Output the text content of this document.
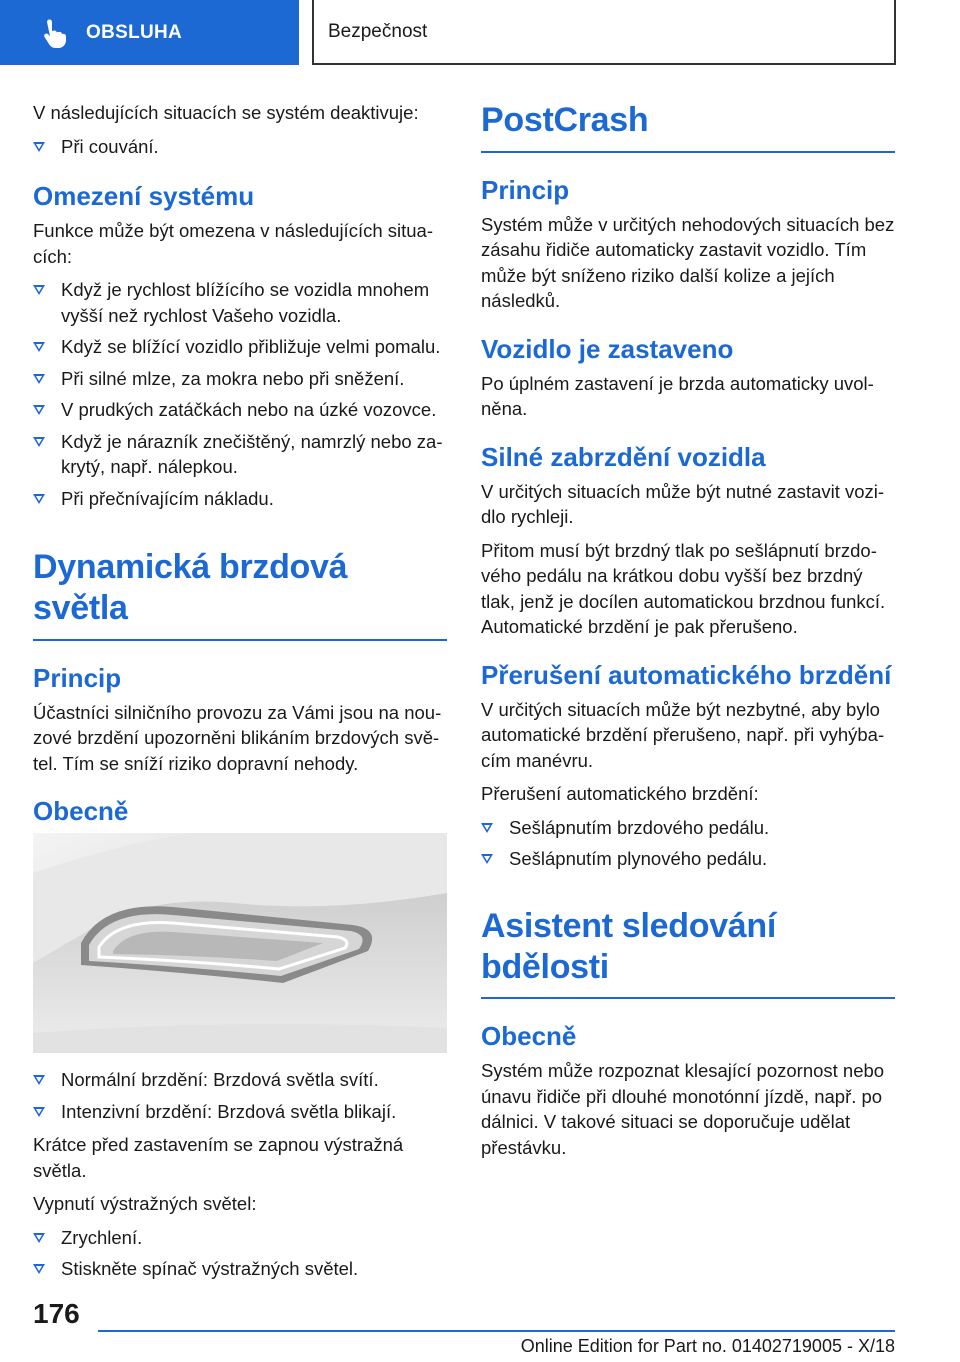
OBSLUHA	Bezpečnost

V následujících situacích se systém deaktivuje:

Při couvání.
Omezení systému

Funkce může být omezena v následujících situacích:

Když je rychlost blížícího se vozidla mnohem vyšší než rychlost Vašeho vozidla.
Když se blížící vozidlo přibližuje velmi pomalu.
Při silné mlze, za mokra nebo při sněžení.
V prudkých zatáčkách nebo na úzké vozovce.
Když je nárazník znečištěný, namrzlý nebo zakrytý, např. nálepkou.
Při přečnívajícím nákladu.
Dynamická brzdová světla
Princip

Účastníci silničního provozu za Vámi jsou na nouzové brzdění upozorněni blikáním brzdových světel. Tím se sníží riziko dopravní nehody.

Obecně
Normální brzdění: Brzdová světla svítí.
Intenzivní brzdění: Brzdová světla blikají.

Krátce před zastavením se zapnou výstražná světla.

Vypnutí výstražných světel:

Zrychlení.
Stiskněte spínač výstražných světel.
PostCrash
Princip

Systém může v určitých nehodových situacích bez zásahu řidiče automaticky zastavit vozidlo. Tím může být sníženo riziko další kolize a jejích následků.

Vozidlo je zastaveno

Po úplném zastavení je brzda automaticky uvolněna.

Silné zabrzdění vozidla

V určitých situacích může být nutné zastavit vozidlo rychleji.

Přitom musí být brzdný tlak po sešlápnutí brzdového pedálu na krátkou dobu vyšší bez brzdný tlak, jenž je docílen automatickou brzdnou funkcí. Automatické brzdění je pak přerušeno.

Přerušení automatického brzdění

V určitých situacích může být nezbytné, aby bylo automatické brzdění přerušeno, např. při vyhýbacím manévru.

Přerušení automatického brzdění:

Sešlápnutím brzdového pedálu.
Sešlápnutím plynového pedálu.
Asistent sledování bdělosti
Obecně

Systém může rozpoznat klesající pozornost nebo únavu řidiče při dlouhé monotónní jízdě, např. po dálnici. V takové situaci se doporučuje udělat přestávku.

176
Online Edition for Part no. 01402719005 - X/18
